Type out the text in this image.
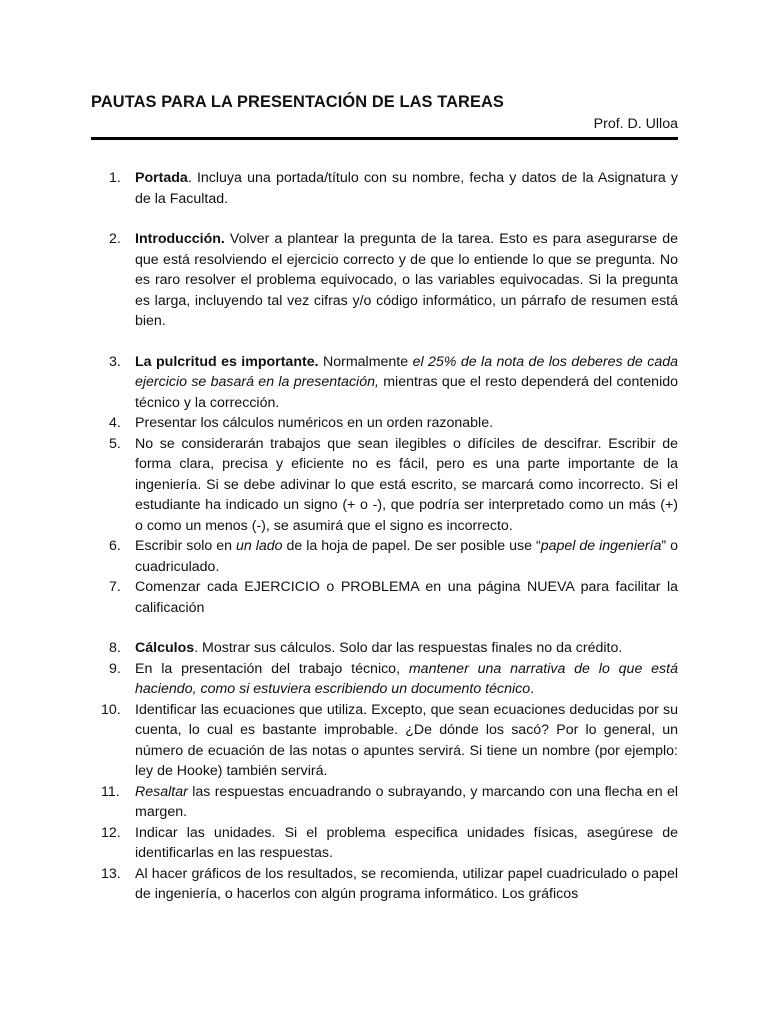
PAUTAS PARA LA PRESENTACIÓN DE LAS TAREAS
Prof. D. Ulloa
1. Portada. Incluya una portada/título con su nombre, fecha y datos de la Asignatura y de la Facultad.
2. Introducción. Volver a plantear la pregunta de la tarea. Esto es para asegurarse de que está resolviendo el ejercicio correcto y de que lo entiende lo que se pregunta. No es raro resolver el problema equivocado, o las variables equivocadas. Si la pregunta es larga, incluyendo tal vez cifras y/o código informático, un párrafo de resumen está bien.
3. La pulcritud es importante. Normalmente el 25% de la nota de los deberes de cada ejercicio se basará en la presentación, mientras que el resto dependerá del contenido técnico y la corrección.
4. Presentar los cálculos numéricos en un orden razonable.
5. No se considerarán trabajos que sean ilegibles o difíciles de descifrar. Escribir de forma clara, precisa y eficiente no es fácil, pero es una parte importante de la ingeniería. Si se debe adivinar lo que está escrito, se marcará como incorrecto. Si el estudiante ha indicado un signo (+ o -), que podría ser interpretado como un más (+) o como un menos (-), se asumirá que el signo es incorrecto.
6. Escribir solo en un lado de la hoja de papel. De ser posible use “papel de ingeniería” o cuadriculado.
7. Comenzar cada EJERCICIO o PROBLEMA en una página NUEVA para facilitar la calificación
8. Cálculos. Mostrar sus cálculos. Solo dar las respuestas finales no da crédito.
9. En la presentación del trabajo técnico, mantener una narrativa de lo que está haciendo, como si estuviera escribiendo un documento técnico.
10. Identificar las ecuaciones que utiliza. Excepto, que sean ecuaciones deducidas por su cuenta, lo cual es bastante improbable. ¿De dónde los sacó? Por lo general, un número de ecuación de las notas o apuntes servirá. Si tiene un nombre (por ejemplo: ley de Hooke) también servirá.
11. Resaltar las respuestas encuadrando o subrayando, y marcando con una flecha en el margen.
12. Indicar las unidades. Si el problema especifica unidades físicas, asegúrese de identificarlas en las respuestas.
13. Al hacer gráficos de los resultados, se recomienda, utilizar papel cuadriculado o papel de ingeniería, o hacerlos con algún programa informático. Los gráficos
